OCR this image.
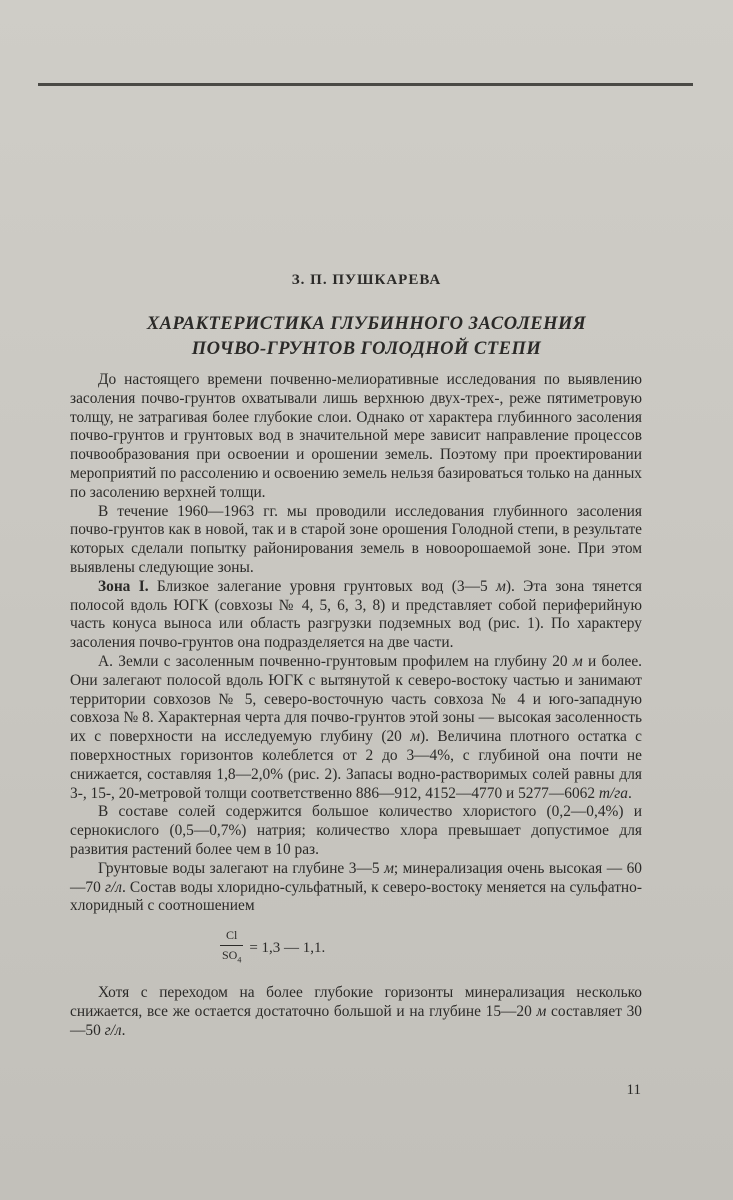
З. П. ПУШКАРЕВА
ХАРАКТЕРИСТИКА ГЛУБИННОГО ЗАСОЛЕНИЯ
ПОЧВО-ГРУНТОВ ГОЛОДНОЙ СТЕПИ

До настоящего времени почвенно-мелиоративные исследования по выявлению засоления почво-грунтов охватывали лишь верхнюю двух-трех-, реже пятиметровую толщу, не затрагивая более глубокие слои. Однако от характера глубинного засоления почво-грунтов и грунтовых вод в значительной мере зависит направление процессов почвообразования при освоении и орошении земель. Поэтому при проектировании мероприятий по рассолению и освоению земель нельзя базироваться только на данных по засолению верхней толщи.

В течение 1960—1963 гг. мы проводили исследования глубинного засоления почво-грунтов как в новой, так и в старой зоне орошения Голодной степи, в результате которых сделали попытку районирования земель в новоорошаемой зоне. При этом выявлены следующие зоны.

Зона I. Близкое залегание уровня грунтовых вод (3—5 м). Эта зона тянется полосой вдоль ЮГК (совхозы № 4, 5, 6, 3, 8) и представляет собой периферийную часть конуса выноса или область разгрузки подземных вод (рис. 1). По характеру засоления почво-грунтов она подразделяется на две части.

А. Земли с засоленным почвенно-грунтовым профилем на глубину 20 м и более. Они залегают полосой вдоль ЮГК с вытянутой к северо-востоку частью и занимают территории совхозов № 5, северо-восточную часть совхоза № 4 и юго-западную совхоза № 8. Характерная черта для почво-грунтов этой зоны — высокая засоленность их с поверхности на исследуемую глубину (20 м). Величина плотного остатка с поверхностных горизонтов колеблется от 2 до 3—4%, с глубиной она почти не снижается, составляя 1,8—2,0% (рис. 2). Запасы водно-растворимых солей равны для 3-, 15-, 20-метровой толщи соответственно 886—912, 4152—4770 и 5277—6062 т/га.

В составе солей содержится большое количество хлористого (0,2—0,4%) и сернокислого (0,5—0,7%) натрия; количество хлора превышает допустимое для развития растений более чем в 10 раз.

Грунтовые воды залегают на глубине 3—5 м; минерализация очень высокая — 60—70 г/л. Состав воды хлоридно-сульфатный, к северо-востоку меняется на сульфатно-хлоридный с соотношением

$\frac{Cl}{SO_4} = 1,3$ — 1,1.

Хотя с переходом на более глубокие горизонты минерализация несколько снижается, все же остается достаточно большой и на глубине 15—20 м составляет 30—50 г/л.

11
